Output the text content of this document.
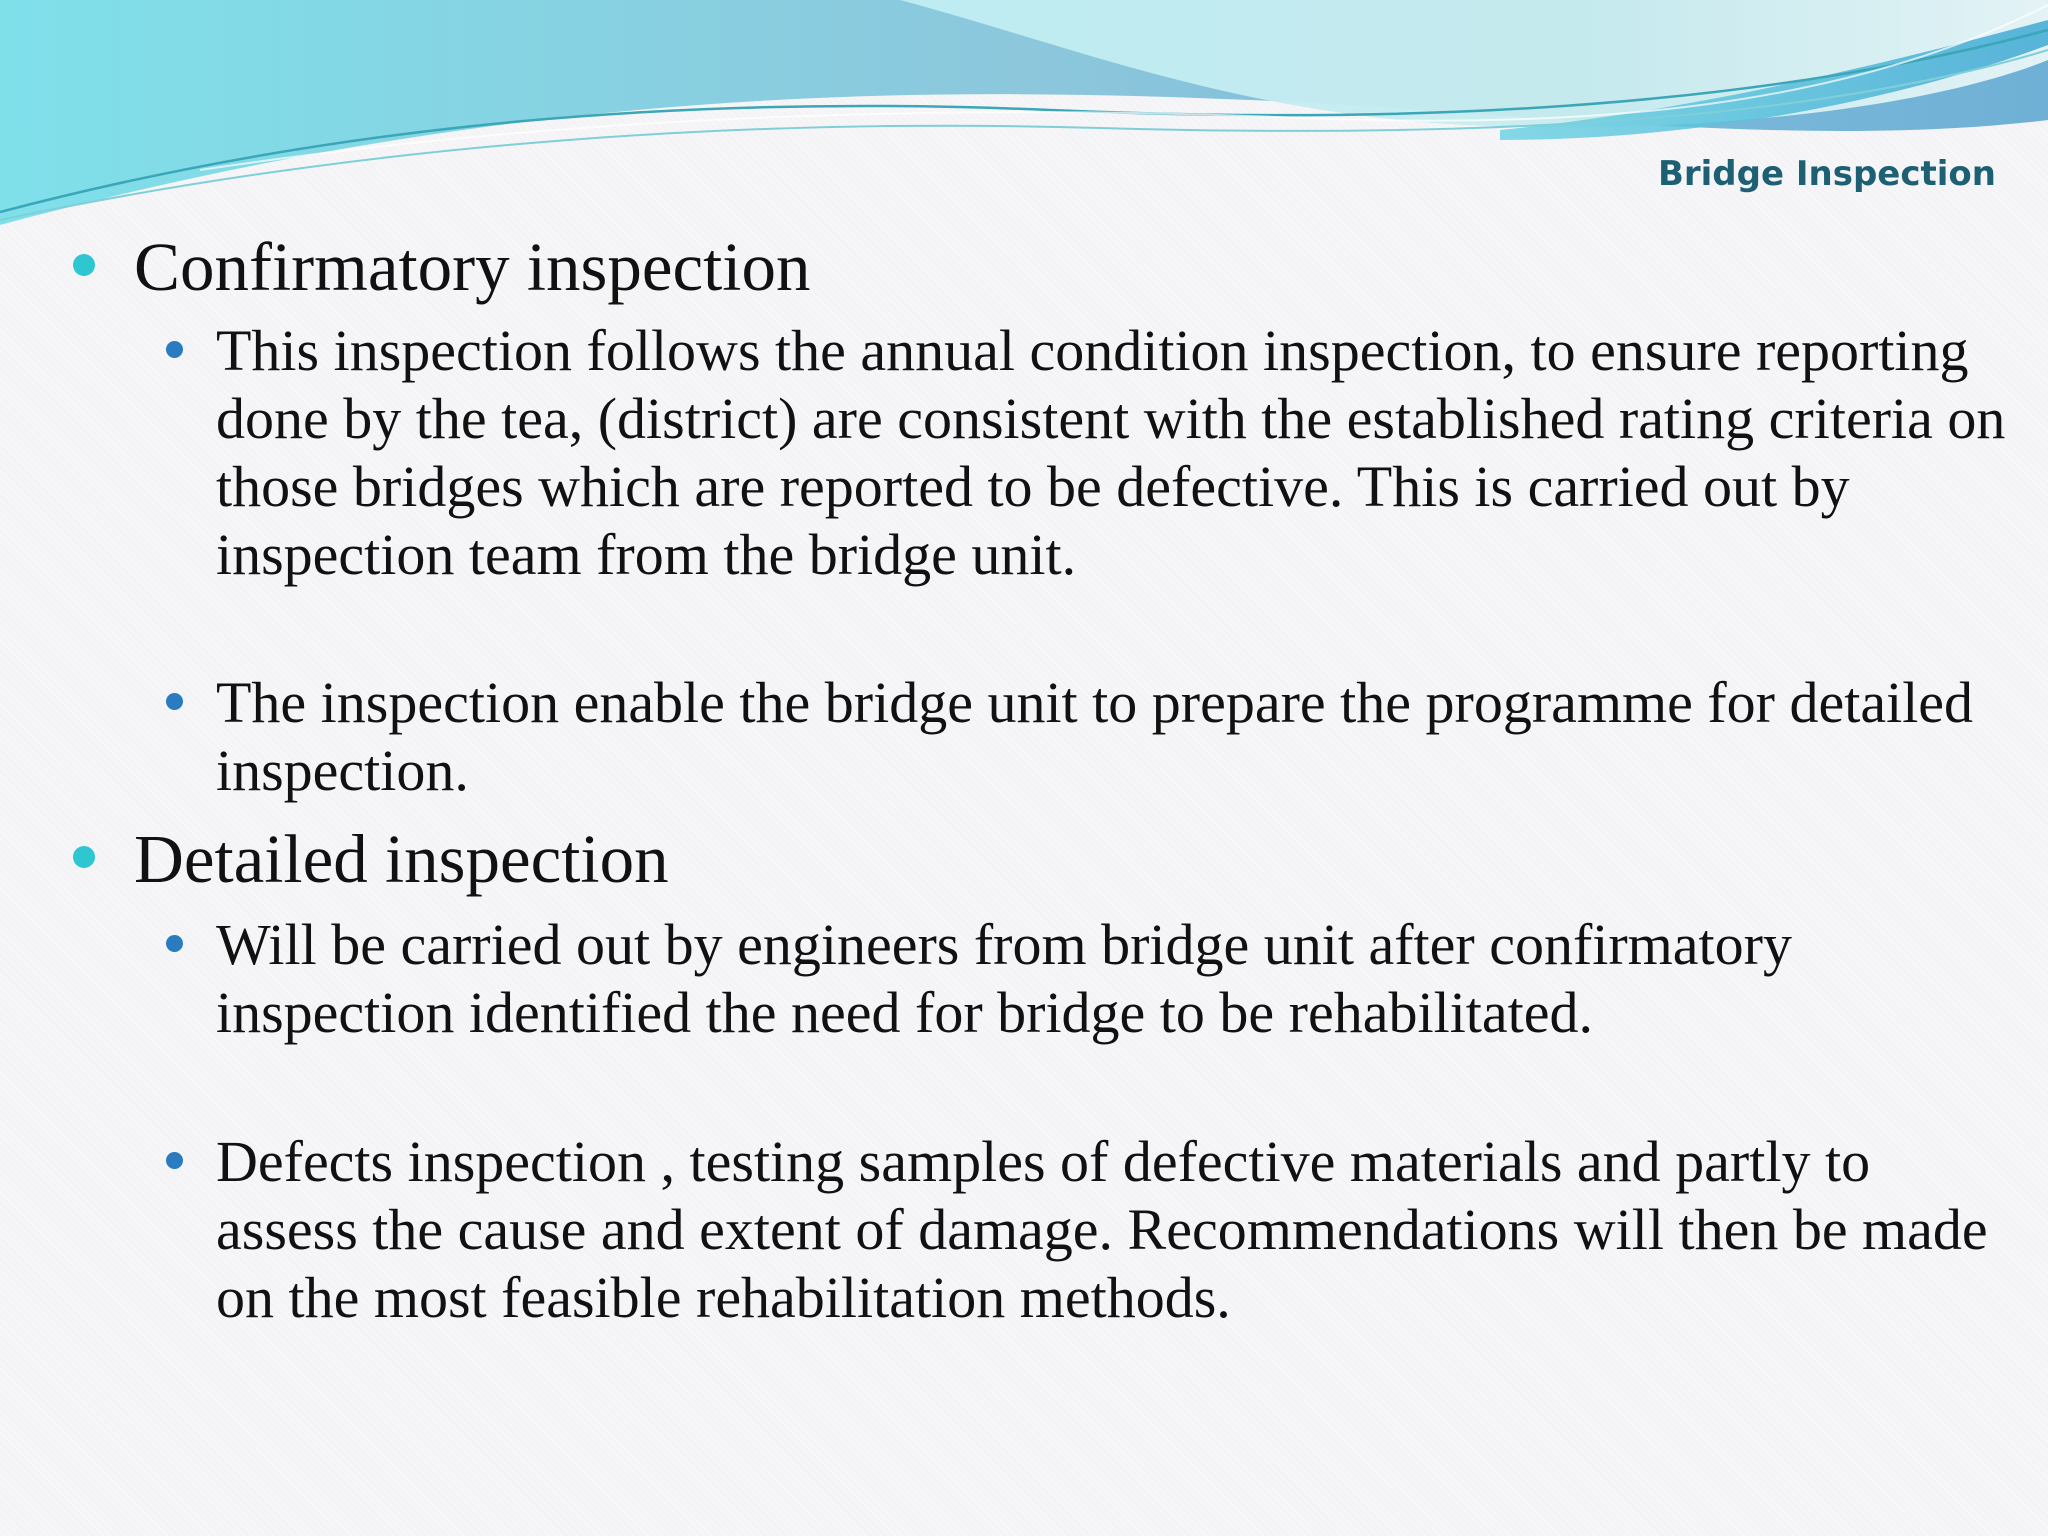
Bridge Inspection
Confirmatory inspection
This inspection follows the annual condition inspection, to ensure reporting done by the tea, (district) are consistent with the established rating criteria on those bridges which are reported to be defective. This is carried out by inspection team from the bridge unit.
The inspection enable the bridge unit to prepare the programme for detailed inspection.
Detailed inspection
Will be carried out by engineers from bridge unit after confirmatory inspection identified the need for bridge to be rehabilitated.
Defects inspection , testing samples of defective materials and partly to assess the cause and extent of damage. Recommendations will then be made on the most feasible rehabilitation methods.
